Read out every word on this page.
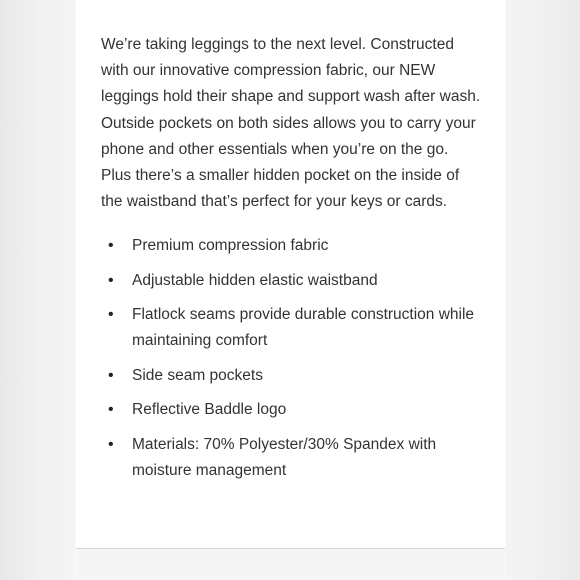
We’re taking leggings to the next level. Constructed with our innovative compression fabric, our NEW leggings hold their shape and support wash after wash. Outside pockets on both sides allows you to carry your phone and other essentials when you’re on the go. Plus there’s a smaller hidden pocket on the inside of the waistband that’s perfect for your keys or cards.

• Premium compression fabric
• Adjustable hidden elastic waistband
• Flatlock seams provide durable construction while maintaining comfort
• Side seam pockets
• Reflective Baddle logo
• Materials: 70% Polyester/30% Spandex with moisture management
